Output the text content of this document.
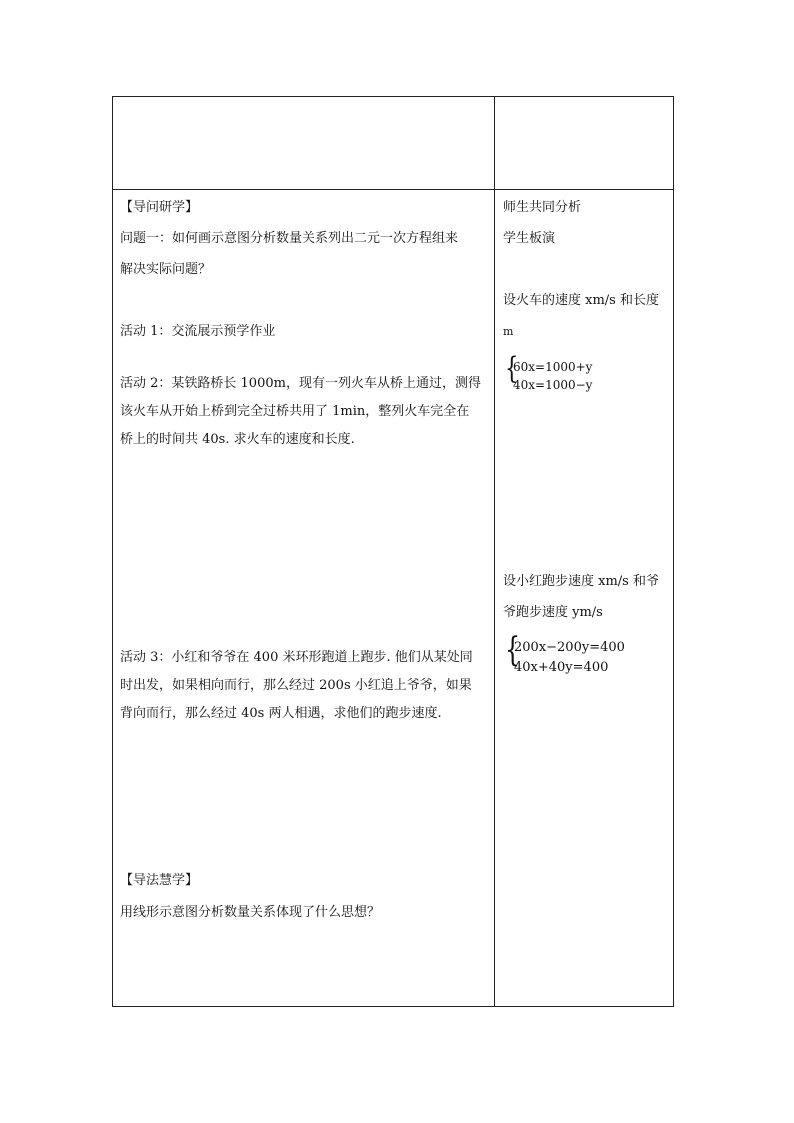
【导问研学】
问题一：如何画示意图分析数量关系列出二元一次方程组来
解决实际问题？
活动 1：交流展示预学作业
活动 2：某铁路桥长 1000m，现有一列火车从桥上通过，测得
该火车从开始上桥到完全过桥共用了 1min，整列火车完全在
桥上的时间共 40s. 求火车的速度和长度.
活动 3：小红和爷爷在 400 米环形跑道上跑步. 他们从某处同
时出发，如果相向而行，那么经过 200s 小红追上爷爷，如果
背向而行，那么经过 40s 两人相遇，求他们的跑步速度.
【导法慧学】
用线形示意图分析数量关系体现了什么思想？
师生共同分析
学生板演
设火车的速度 xm/s 和长度
m
{
60x=1000+y
40x=1000−y
设小红跑步速度 xm/s 和爷
爷跑步速度 ym/s
{
200x−200y=400
40x+40y=400
